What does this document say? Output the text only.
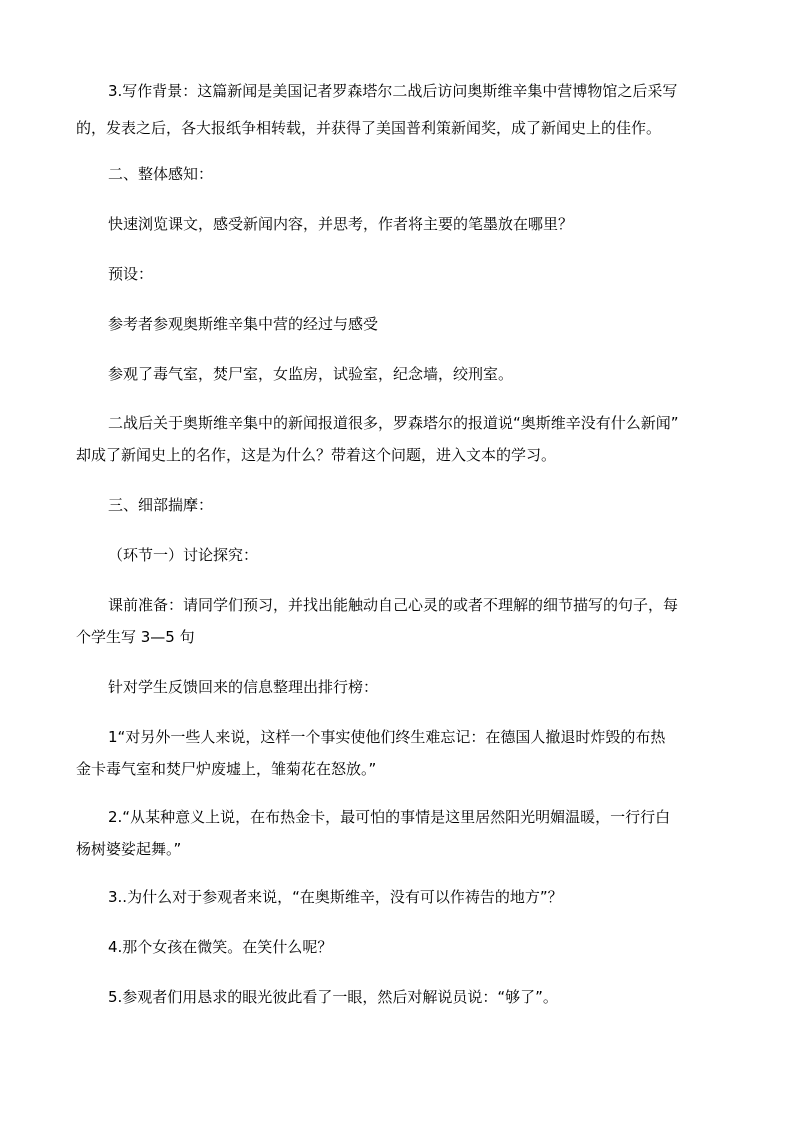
3.写作背景：这篇新闻是美国记者罗森塔尔二战后访问奥斯维辛集中营博物馆之后采写
的，发表之后，各大报纸争相转载，并获得了美国普利策新闻奖，成了新闻史上的佳作。
二、整体感知：
快速浏览课文，感受新闻内容，并思考，作者将主要的笔墨放在哪里？
预设：
参考者参观奥斯维辛集中营的经过与感受
参观了毒气室，焚尸室，女监房，试验室，纪念墙，绞刑室。
二战后关于奥斯维辛集中的新闻报道很多，罗森塔尔的报道说“奥斯维辛没有什么新闻”
却成了新闻史上的名作，这是为什么？带着这个问题，进入文本的学习。
三、细部揣摩：
（环节一）讨论探究：
课前准备：请同学们预习，并找出能触动自己心灵的或者不理解的细节描写的句子，每
个学生写 3—5 句
针对学生反馈回来的信息整理出排行榜：
1“对另外一些人来说，这样一个事实使他们终生难忘记：在德国人撤退时炸毁的布热
金卡毒气室和焚尸炉废墟上，雏菊花在怒放。”
2.“从某种意义上说，在布热金卡，最可怕的事情是这里居然阳光明媚温暖，一行行白
杨树婆娑起舞。”
3..为什么对于参观者来说，“在奥斯维辛，没有可以作祷告的地方”？
4.那个女孩在微笑。在笑什么呢？
5.参观者们用恳求的眼光彼此看了一眼，然后对解说员说：“够了”。
